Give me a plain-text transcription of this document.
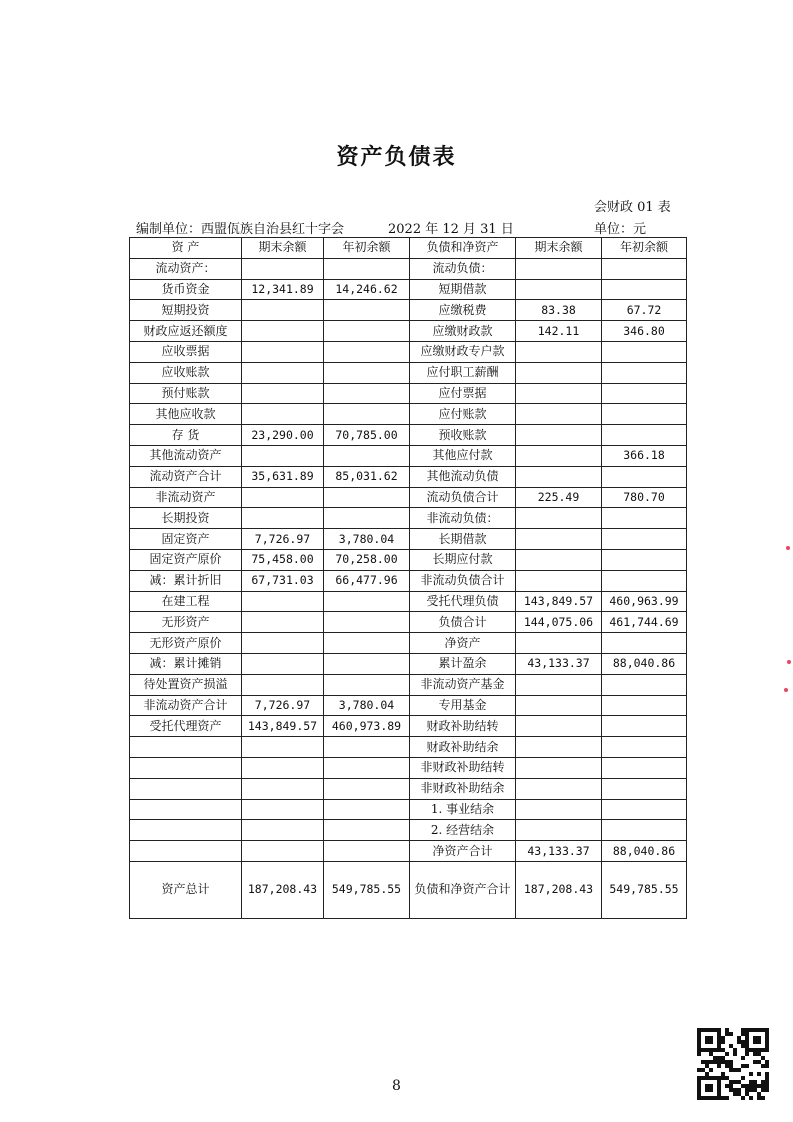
资产负债表
会财政 01 表
编制单位：西盟佤族自治县红十字会	2022 年 12 月 31 日	单位：元
资 产	期末余额	年初余额	负债和净资产	期末余额	年初余额
流动资产：			流动负债：		
货币资金	12,341.89	14,246.62	短期借款		
短期投资			应缴税费	83.38	67.72
财政应返还额度			应缴财政款	142.11	346.80
应收票据			应缴财政专户款		
应收账款			应付职工薪酬		
预付账款			应付票据		
其他应收款			应付账款		
存 货	23,290.00	70,785.00	预收账款		
其他流动资产			其他应付款		366.18
流动资产合计	35,631.89	85,031.62	其他流动负债		
非流动资产			流动负债合计	225.49	780.70
长期投资			非流动负债：		
固定资产	7,726.97	3,780.04	长期借款		
固定资产原价	75,458.00	70,258.00	长期应付款		
减：累计折旧	67,731.03	66,477.96	非流动负债合计		
在建工程			受托代理负债	143,849.57	460,963.99
无形资产			负债合计	144,075.06	461,744.69
无形资产原价			净资产		
减：累计摊销			累计盈余	43,133.37	88,040.86
待处置资产损溢			非流动资产基金		
非流动资产合计	7,726.97	3,780.04	专用基金		
受托代理资产	143,849.57	460,973.89	财政补助结转		
			财政补助结余		
			非财政补助结转		
			非财政补助结余		
			1. 事业结余		
			2. 经营结余		
			净资产合计	43,133.37	88,040.86
资产总计	187,208.43	549,785.55	负债和净资产合计	187,208.43	549,785.55
8
